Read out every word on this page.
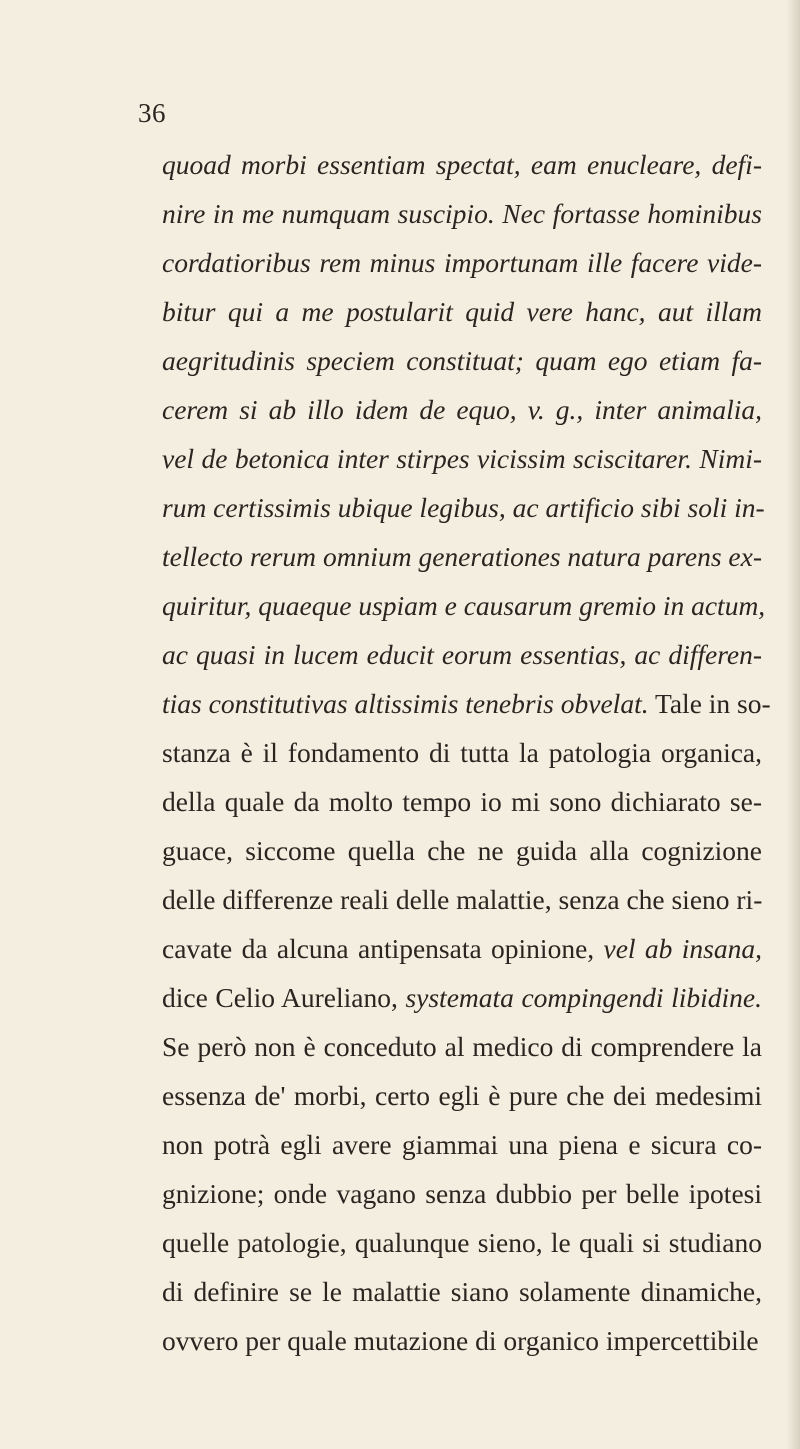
36
quoad morbi essentiam spectat, eam enucleare, defi-
nire in me numquam suscipio. Nec fortasse hominibus
cordatioribus rem minus importunam ille facere vide-
bitur qui a me postularit quid vere hanc, aut illam
aegritudinis speciem constituat; quam ego etiam fa-
cerem si ab illo idem de equo, v. g., inter animalia,
vel de betonica inter stirpes vicissim sciscitarer. Nimi-
rum certissimis ubique legibus, ac artificio sibi soli in-
tellecto rerum omnium generationes natura parens ex-
quiritur, quaeque uspiam e causarum gremio in actum,
ac quasi in lucem educit eorum essentias, ac differen-
tias constitutivas altissimis tenebris obvelat. Tale in so-
stanza è il fondamento di tutta la patologia organica,
della quale da molto tempo io mi sono dichiarato se-
guace, siccome quella che ne guida alla cognizione
delle differenze reali delle malattie, senza che sieno ri-
cavate da alcuna antipensata opinione, vel ab insana,
dice Celio Aureliano, systemata compingendi libidine.
Se però non è conceduto al medico di comprendere la
essenza de' morbi, certo egli è pure che dei medesimi
non potrà egli avere giammai una piena e sicura co-
gnizione; onde vagano senza dubbio per belle ipotesi
quelle patologie, qualunque sieno, le quali si studiano
di definire se le malattie siano solamente dinamiche,
ovvero per quale mutazione di organico impercettibile
